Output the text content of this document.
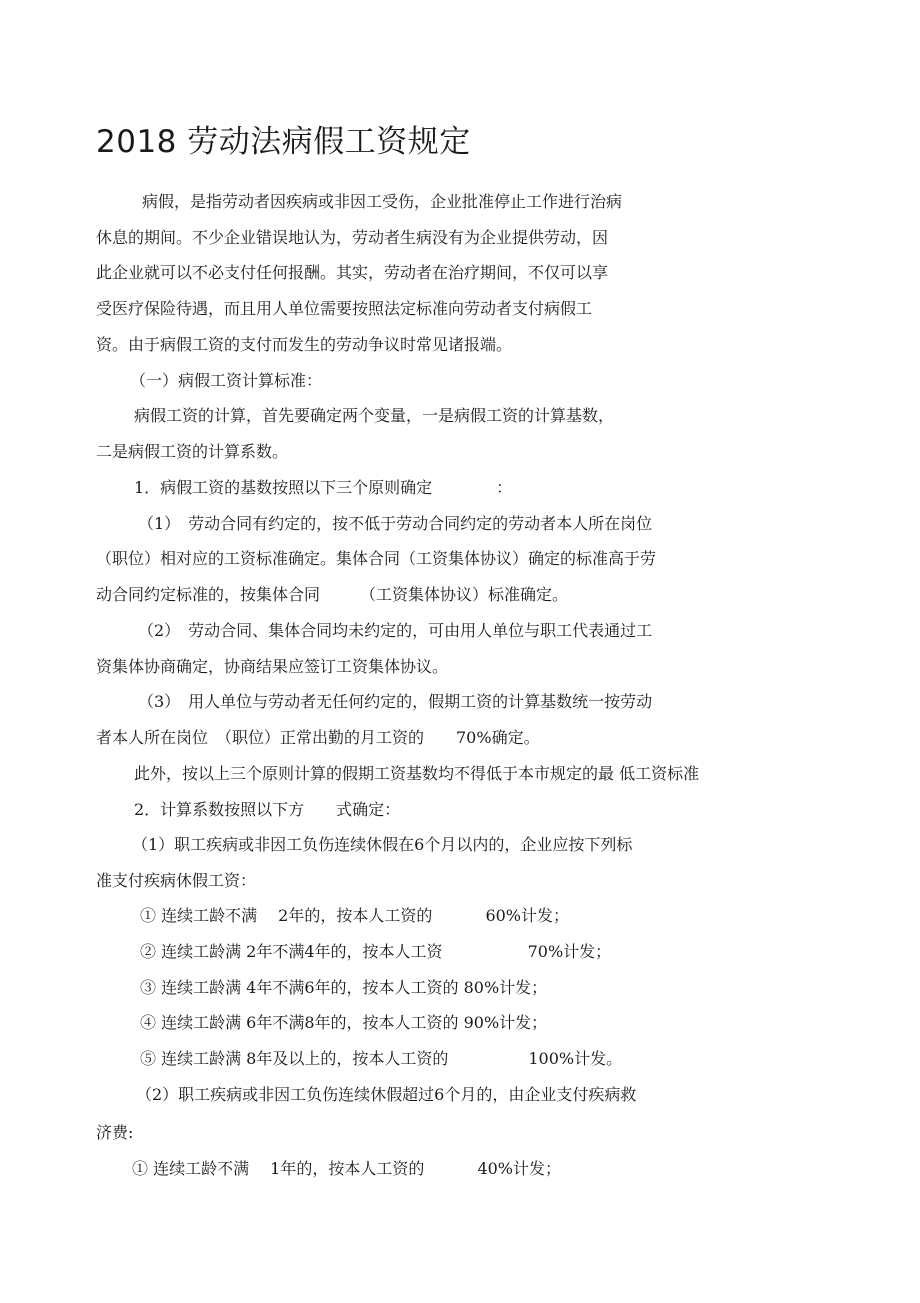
2018 劳动法病假工资规定
病假，是指劳动者因疾病或非因工受伤，企业批准停止工作进行治病
休息的期间。不少企业错误地认为，劳动者生病没有为企业提供劳动，因
此企业就可以不必支付任何报酬。其实，劳动者在治疗期间，不仅可以享
受医疗保险待遇，而且用人单位需要按照法定标准向劳动者支付病假工
资。由于病假工资的支付而发生的劳动争议时常见诸报端。
（一）病假工资计算标准：
病假工资的计算，首先要确定两个变量，一是病假工资的计算基数，
二是病假工资的计算系数。
1．病假工资的基数按照以下三个原则确定　　　　：
（1）　劳动合同有约定的，按不低于劳动合同约定的劳动者本人所在岗位
（职位）相对应的工资标准确定。集体合同（工资集体协议）确定的标准高于劳
动合同约定标准的，按集体合同　　　（工资集体协议）标准确定。
（2）　劳动合同、集体合同均未约定的，可由用人单位与职工代表通过工
资集体协商确定，协商结果应签订工资集体协议。
（3）　用人单位与劳动者无任何约定的，假期工资的计算基数统一按劳动
者本人所在岗位　（职位）正常出勤的月工资的　　70%确定。
此外，按以上三个原则计算的假期工资基数均不得低于本市规定的最 低工资标准
2．计算系数按照以下方　　式确定：
（1）职工疾病或非因工负伤连续休假在6个月以内的，企业应按下列标
准支付疾病休假工资：
① 连续工龄不满　 2年的，按本人工资的　　　 60%计发；
② 连续工龄满 2年不满4年的，按本人工资　　　　　 70%计发；
③ 连续工龄满 4年不满6年的，按本人工资的 80%计发；
④ 连续工龄满 6年不满8年的，按本人工资的 90%计发；
⑤ 连续工龄满 8年及以上的，按本人工资的　　　　　100%计发。
（2）职工疾病或非因工负伤连续休假超过6个月的，由企业支付疾病救
济费:
① 连续工龄不满　 1年的，按本人工资的　　　 40%计发；
